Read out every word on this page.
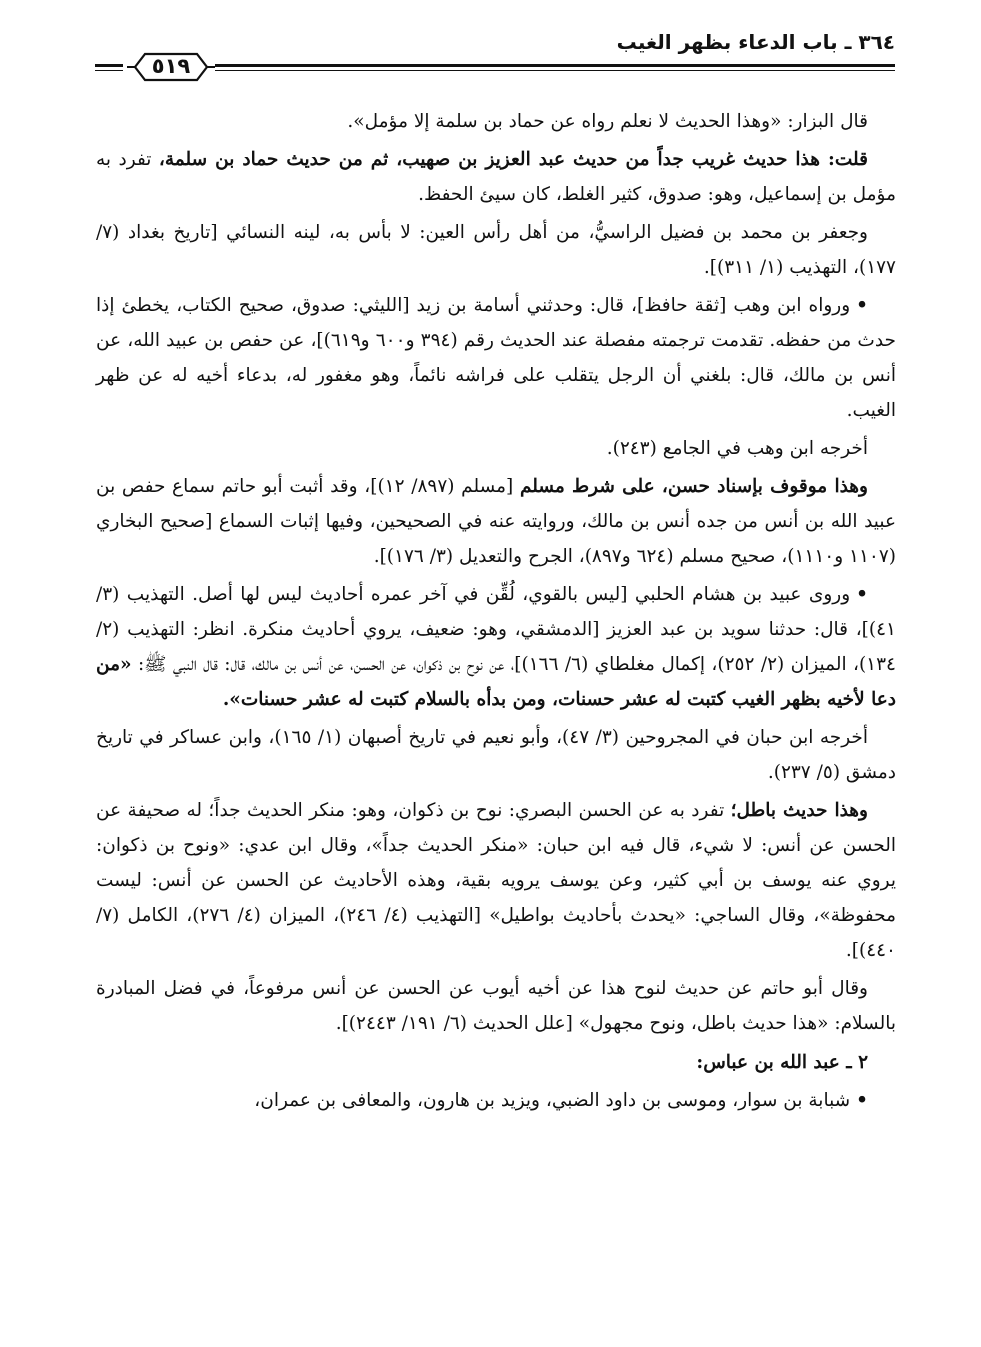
٣٦٤ ـ باب الدعاء بظهر الغيب
٥١٩

قال البزار: «وهذا الحديث لا نعلم رواه عن حماد بن سلمة إلا مؤمل».

قلت: هذا حديث غريب جداً من حديث عبد العزيز بن صهيب، ثم من حديث حماد بن سلمة، تفرد به مؤمل بن إسماعيل، وهو: صدوق، كثير الغلط، كان سيئ الحفظ.

وجعفر بن محمد بن فضيل الراسيُّ، من أهل رأس العين: لا بأس به، لينه النسائي [تاريخ بغداد (٧/ ١٧٧)، التهذيب (١/ ٣١١)].

•ورواه ابن وهب [ثقة حافظ]، قال: وحدثني أسامة بن زيد [الليثي: صدوق، صحيح الكتاب، يخطئ إذا حدث من حفظه. تقدمت ترجمته مفصلة عند الحديث رقم (٣٩٤ و٦٠٠ و٦١٩)]، عن حفص بن عبيد الله، عن أنس بن مالك، قال: بلغني أن الرجل يتقلب على فراشه نائماً، وهو مغفور له، بدعاء أخيه له عن ظهر الغيب.

أخرجه ابن وهب في الجامع (٢٤٣).

وهذا موقوف بإسناد حسن، على شرط مسلم [مسلم (٨٩٧/ ١٢)]، وقد أثبت أبو حاتم سماع حفص بن عبيد الله بن أنس من جده أنس بن مالك، وروايته عنه في الصحيحين، وفيها إثبات السماع [صحيح البخاري (١١٠٧ و١١١٠)، صحيح مسلم (٦٢٤ و٨٩٧)، الجرح والتعديل (٣/ ١٧٦)].

•وروى عبيد بن هشام الحلبي [ليس بالقوي، لُقِّن في آخر عمره أحاديث ليس لها أصل. التهذيب (٣/ ٤١)]، قال: حدثنا سويد بن عبد العزيز [الدمشقي، وهو: ضعيف، يروي أحاديث منكرة. انظر: التهذيب (٢/ ١٣٤)، الميزان (٢/ ٢٥٢)، إكمال مغلطاي (٦/ ١٦٦)]، عن نوح بن ذكوان، عن الحسن، عن أنس بن مالك، قال: قال النبي ﷺ: «من دعا لأخيه بظهر الغيب كتبت له عشر حسنات، ومن بدأه بالسلام كتبت له عشر حسنات».

أخرجه ابن حبان في المجروحين (٣/ ٤٧)، وأبو نعيم في تاريخ أصبهان (١/ ١٦٥)، وابن عساكر في تاريخ دمشق (٥/ ٢٣٧).

وهذا حديث باطل؛ تفرد به عن الحسن البصري: نوح بن ذكوان، وهو: منكر الحديث جداً؛ له صحيفة عن الحسن عن أنس: لا شيء، قال فيه ابن حبان: «منكر الحديث جداً»، وقال ابن عدي: «ونوح بن ذكوان: يروي عنه يوسف بن أبي كثير، وعن يوسف يرويه بقية، وهذه الأحاديث عن الحسن عن أنس: ليست محفوظة»، وقال الساجي: «يحدث بأحاديث بواطيل» [التهذيب (٤/ ٢٤٦)، الميزان (٤/ ٢٧٦)، الكامل (٧/ ٤٤٠)].

وقال أبو حاتم عن حديث لنوح هذا عن أخيه أيوب عن الحسن عن أنس مرفوعاً، في فضل المبادرة بالسلام: «هذا حديث باطل، ونوح مجهول» [علل الحديث (٦/ ١٩١/ ٢٤٤٣)].

٢ ـ عبد الله بن عباس:

•شبابة بن سوار، وموسى بن داود الضبي، ويزيد بن هارون، والمعافى بن عمران،
